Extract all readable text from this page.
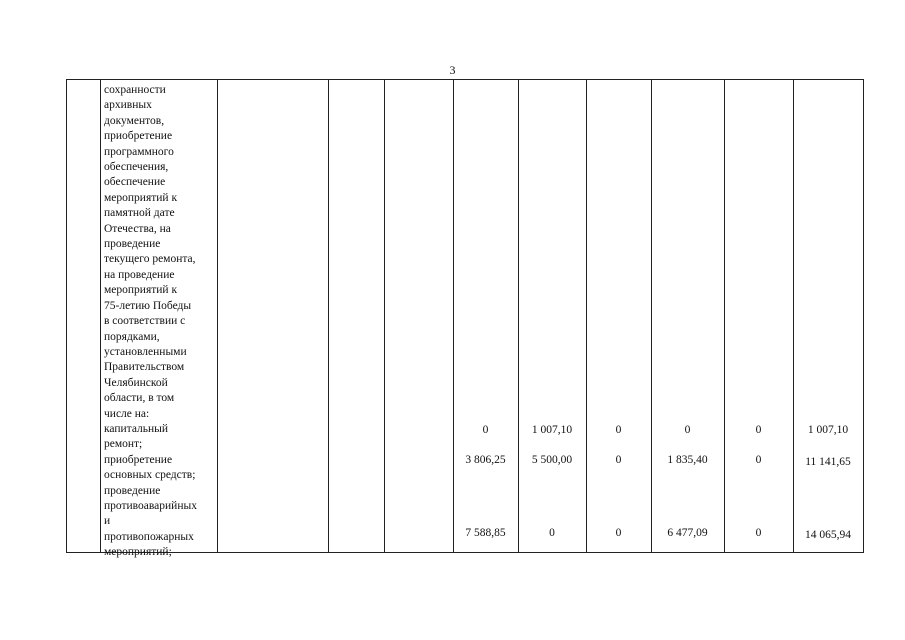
3
сохранности
архивных
документов,
приобретение
программного
обеспечения,
обеспечение
мероприятий к
памятной дате
Отечества, на
проведение
текущего ремонта,
на проведение
мероприятий к
75-летию Победы
в соответствии с
порядками,
установленными
Правительством
Челябинской
области, в том
числе на:
капитальный
ремонт;
приобретение
основных средств;
проведение
противоаварийных
и
противопожарных
мероприятий;
0	1 007,10	0	0	0	1 007,10
3 806,25	5 500,00	0	1 835,40	0	11 141,65
7 588,85	0	0	6 477,09	0	14 065,94
